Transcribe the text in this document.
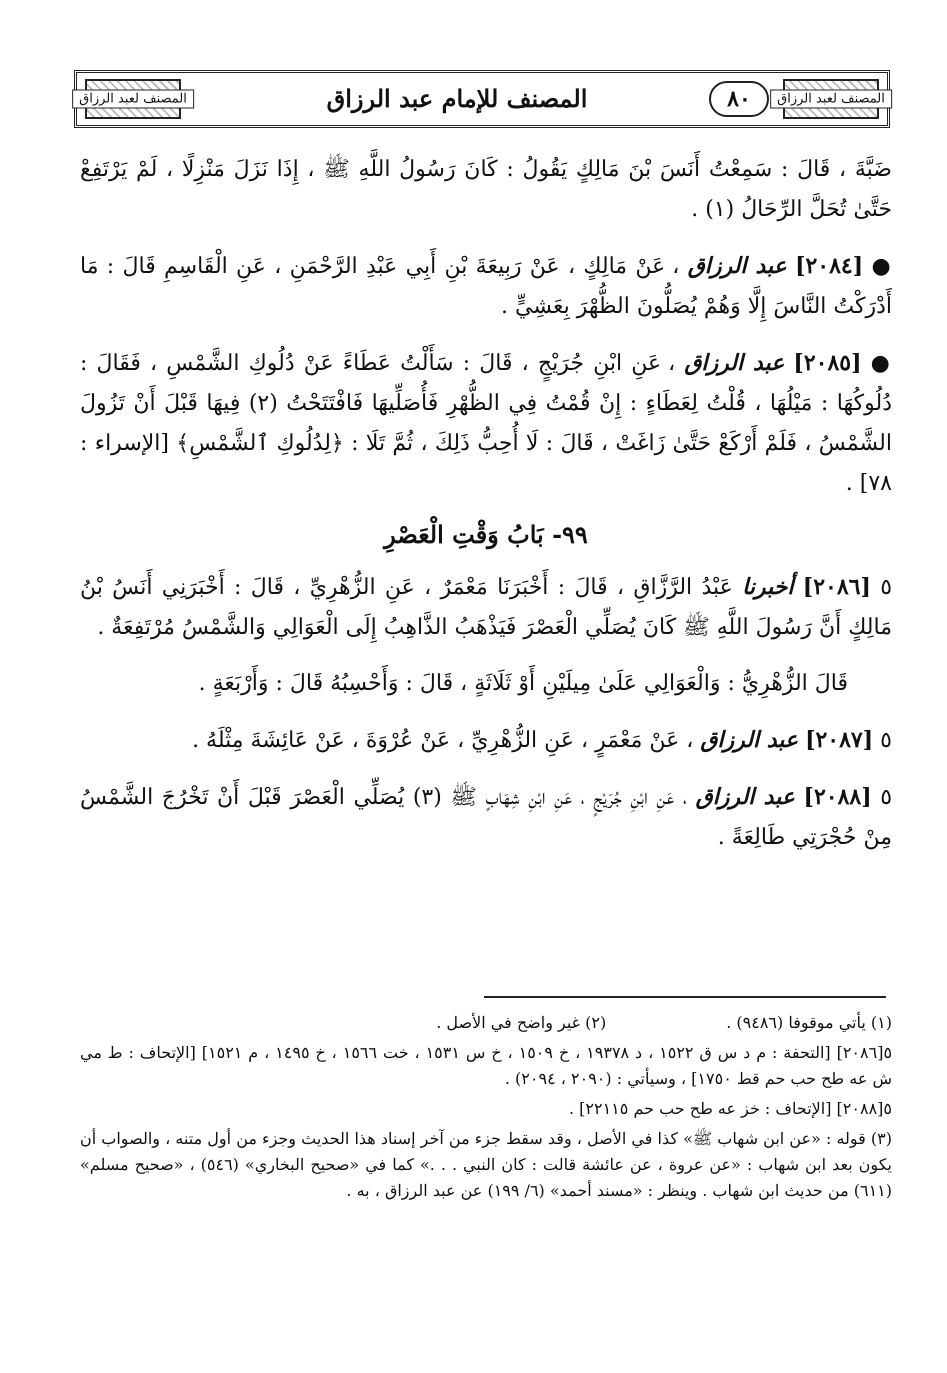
المصنف لعبد الرزاق	المصنف للإمام عبد الرزاق	٨٠	المصنف لعبد الرزاق

ضَبَّةَ ، قَالَ : سَمِعْتُ أَنَسَ بْنَ مَالِكٍ يَقُولُ : كَانَ رَسُولُ اللَّهِ ﷺ ، إِذَا نَزَلَ مَنْزِلًا ، لَمْ يَرْتَفِعْ حَتَّىٰ تُحَلَّ الرِّحَالُ (١) .

● [٢٠٨٤] عبد الرزاق ، عَنْ مَالِكٍ ، عَنْ رَبِيعَةَ بْنِ أَبِي عَبْدِ الرَّحْمَنِ ، عَنِ الْقَاسِمِ قَالَ : مَا أَدْرَكْتُ النَّاسَ إِلَّا وَهُمْ يُصَلُّونَ الظُّهْرَ بِعَشِيٍّ .

● [٢٠٨٥] عبد الرزاق ، عَنِ ابْنِ جُرَيْجٍ ، قَالَ : سَأَلْتُ عَطَاءً عَنْ دُلُوكِ الشَّمْسِ ، فَقَالَ : دُلُوكُهَا : مَيْلُهَا ، قُلْتُ لِعَطَاءٍ : إِنْ قُمْتُ فِي الظُّهْرِ فَأُصَلِّيهَا فَافْتَتَحْتُ (٢) فِيهَا قَبْلَ أَنْ تَزُولَ الشَّمْسُ ، فَلَمْ أَرْكَعْ حَتَّىٰ زَاغَتْ ، قَالَ : لَا أُحِبُّ ذَلِكَ ، ثُمَّ تَلَا : ﴿لِدُلُوكِ ٱلشَّمْسِ﴾ [الإسراء : ٧٨] .

٩٩- بَابُ وَقْتِ الْعَصْرِ

٥ [٢٠٨٦] أخبرنا عَبْدُ الرَّزَّاقِ ، قَالَ : أَخْبَرَنَا مَعْمَرٌ ، عَنِ الزُّهْرِيِّ ، قَالَ : أَخْبَرَنِي أَنَسُ بْنُ مَالِكٍ أَنَّ رَسُولَ اللَّهِ ﷺ كَانَ يُصَلِّي الْعَصْرَ فَيَذْهَبُ الذَّاهِبُ إِلَى الْعَوَالِي وَالشَّمْسُ مُرْتَفِعَةٌ .

قَالَ الزُّهْرِيُّ : وَالْعَوَالِي عَلَىٰ مِيلَيْنِ أَوْ ثَلَاثَةٍ ، قَالَ : وَأَحْسِبُهُ قَالَ : وَأَرْبَعَةٍ .

٥ [٢٠٨٧] عبد الرزاق ، عَنْ مَعْمَرٍ ، عَنِ الزُّهْرِيِّ ، عَنْ عُرْوَةَ ، عَنْ عَائِشَةَ مِثْلَهُ .

٥ [٢٠٨٨] عبد الرزاق ، عَنِ ابْنِ جُرَيْجٍ ، عَنِ ابْنِ شِهَابٍ ﷺ (٣) يُصَلِّي الْعَصْرَ قَبْلَ أَنْ تَخْرُجَ الشَّمْسُ مِنْ حُجْرَتِي طَالِعَةً .

(١) يأتي موقوفا (٩٤٨٦) .

(٢) غير واضح في الأصل .

٥[٢٠٨٦] [التحفة : م د س ق ١٥٢٢ ، د ١٩٣٧٨ ، خ ١٥٠٩ ، خ س ١٥٣١ ، خت ١٥٦٦ ، خ ١٤٩٥ ، م ١٥٢١] [الإتحاف : ط مي ش عه طح حب حم قط ١٧٥٠] ، وسيأتي : (٢٠٩٠ ، ٢٠٩٤) .

٥[٢٠٨٨] [الإتحاف : خز عه طح حب حم ٢٢١١٥] .

(٣) قوله : «عن ابن شهاب ﷺ» كذا في الأصل ، وقد سقط جزء من آخر إسناد هذا الحديث وجزء من أول متنه ، والصواب أن يكون بعد ابن شهاب : «عن عروة ، عن عائشة قالت : كان النبي . . .» كما في «صحيح البخاري» (٥٤٦) ، «صحيح مسلم» (٦١١) من حديث ابن شهاب . وينظر : «مسند أحمد» (٦/ ١٩٩) عن عبد الرزاق ، به .
